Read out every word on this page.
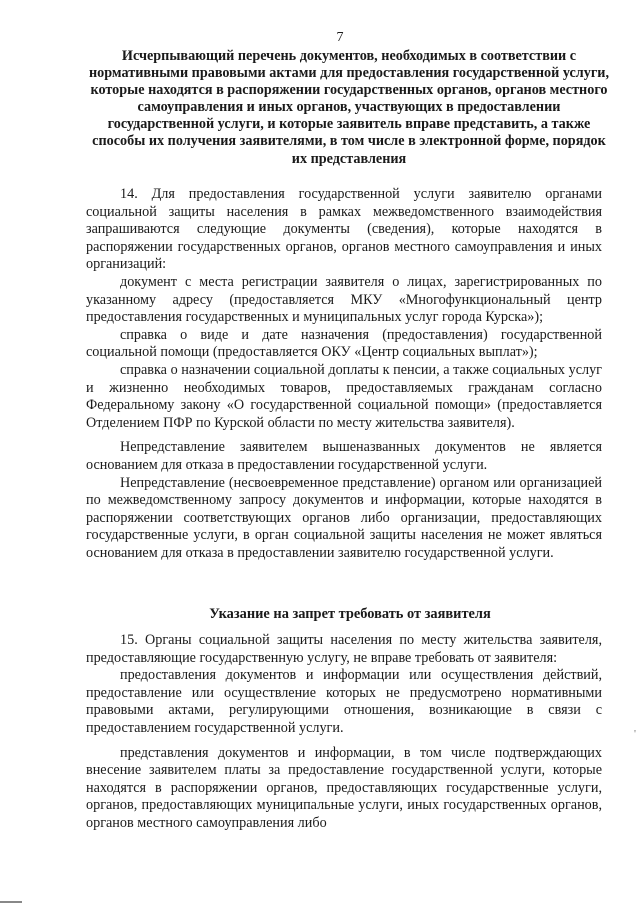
7
Исчерпывающий перечень документов, необходимых в соответствии с нормативными правовыми актами для предоставления государственной услуги, которые находятся в распоряжении государственных органов, органов местного самоуправления и иных органов, участвующих в предоставлении государственной услуги, и которые заявитель вправе представить, а также способы их получения заявителями, в том числе в электронной форме, порядок их представления

14. Для предоставления государственной услуги заявителю органами социальной защиты населения в рамках межведомственного взаимодействия запрашиваются следующие документы (сведения), которые находятся в распоряжении государственных органов, органов местного самоуправления и иных организаций:

документ с места регистрации заявителя о лицах, зарегистрированных по указанному адресу (предоставляется МКУ «Многофункциональный центр предоставления государственных и муниципальных услуг города Курска»);

справка о виде и дате назначения (предоставления) государственной социальной помощи (предоставляется ОКУ «Центр социальных выплат»);

справка о назначении социальной доплаты к пенсии, а также социальных услуг и жизненно необходимых товаров, предоставляемых гражданам согласно Федеральному закону «О государственной социальной помощи» (предоставляется Отделением ПФР по Курской области по месту жительства заявителя).

Непредставление заявителем вышеназванных документов не является основанием для отказа в предоставлении государственной услуги.

Непредставление (несвоевременное представление) органом или организацией по межведомственному запросу документов и информации, которые находятся в распоряжении соответствующих органов либо организации, предоставляющих государственные услуги, в орган социальной защиты населения не может являться основанием для отказа в предоставлении заявителю государственной услуги.

Указание на запрет требовать от заявителя

15. Органы социальной защиты населения по месту жительства заявителя, предоставляющие государственную услугу, не вправе требовать от заявителя:

предоставления документов и информации или осуществления действий, предоставление или осуществление которых не предусмотрено нормативными правовыми актами, регулирующими отношения, возникающие в связи с предоставлением государственной услуги.

представления документов и информации, в том числе подтверждающих внесение заявителем платы за предоставление государственной услуги, которые находятся в распоряжении органов, предоставляющих государственные услуги, органов, предоставляющих муниципальные услуги, иных государственных органов, органов местного самоуправления либо

'
